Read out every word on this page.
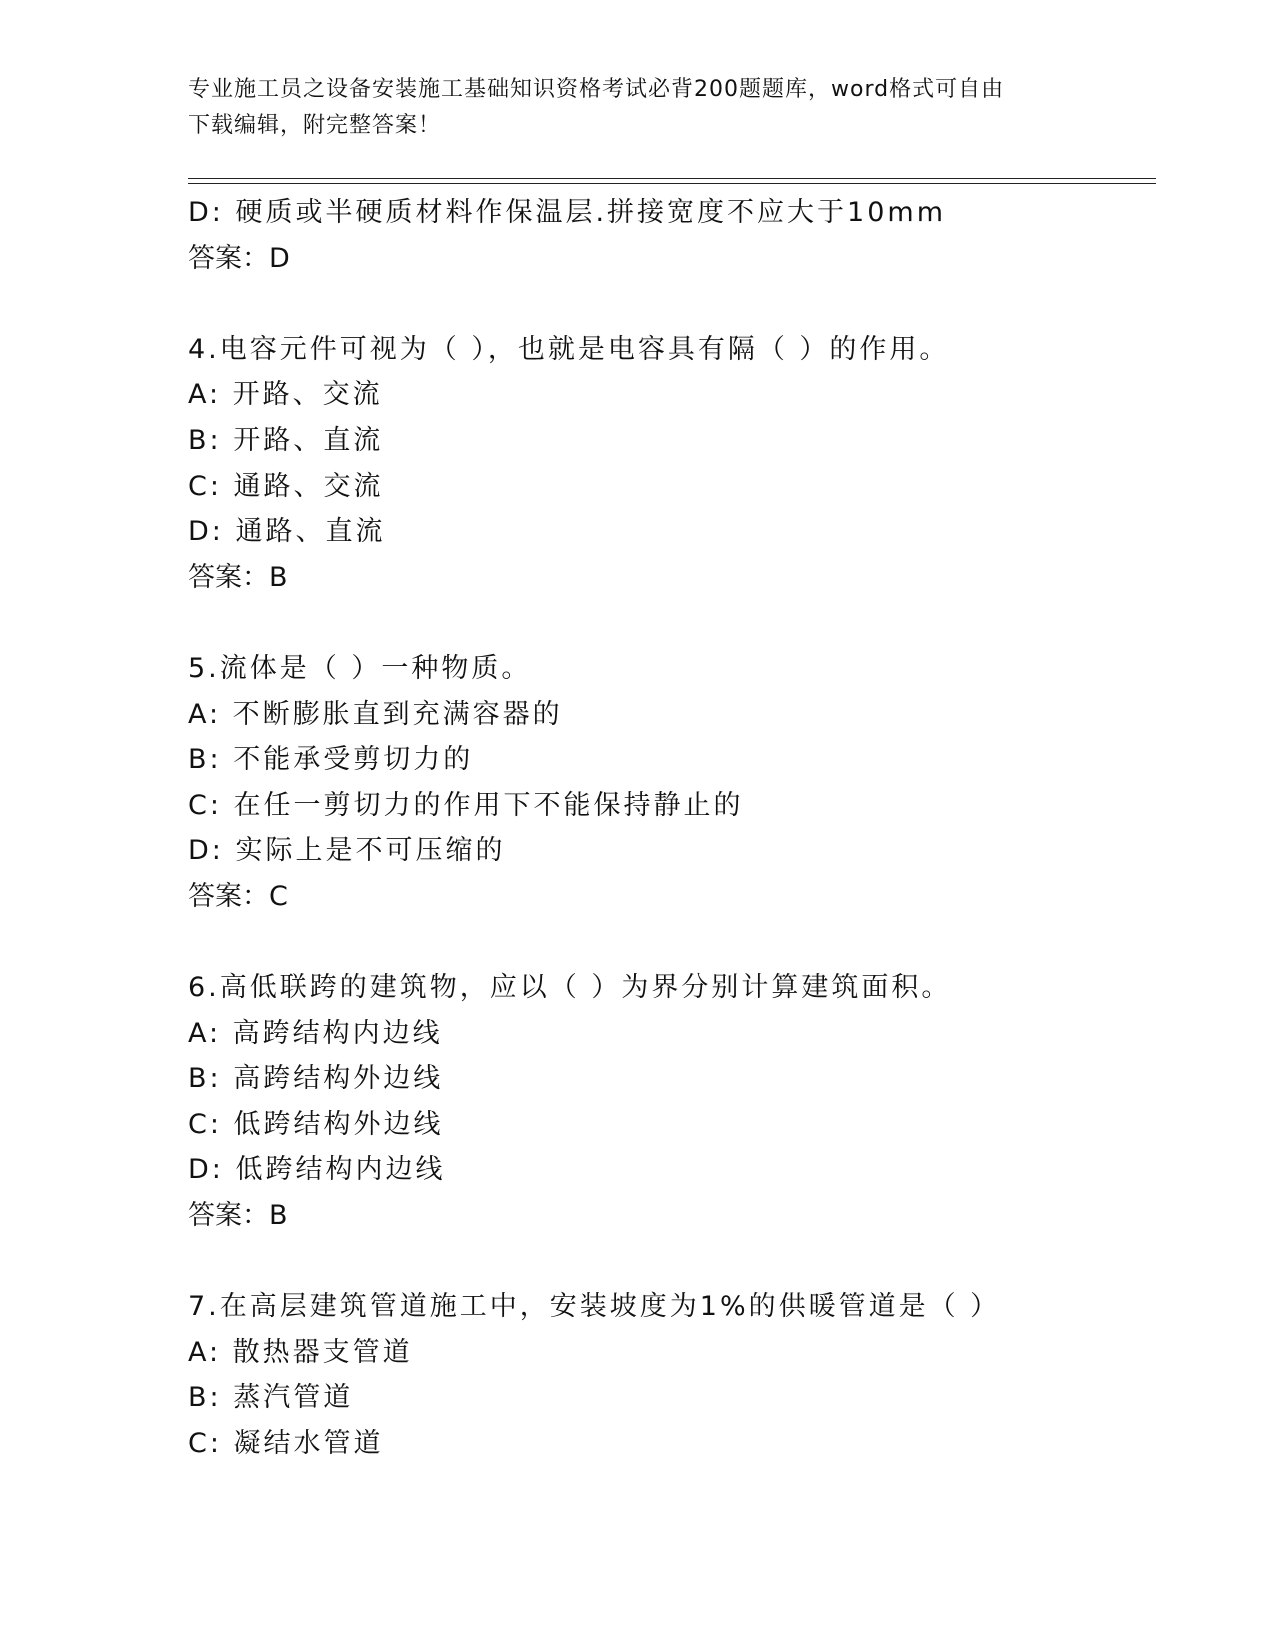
专业施工员之设备安装施工基础知识资格考试必背200题题库，word格式可自由
下载编辑，附完整答案！
D: 硬质或半硬质材料作保温层.拼接宽度不应大于10mm
答案：D
4.电容元件可视为（ ），也就是电容具有隔（ ）的作用。
A: 开路、交流
B: 开路、直流
C: 通路、交流
D: 通路、直流
答案：B
5.流体是（ ）一种物质。
A: 不断膨胀直到充满容器的
B: 不能承受剪切力的
C: 在任一剪切力的作用下不能保持静止的
D: 实际上是不可压缩的
答案：C
6.高低联跨的建筑物，应以（ ）为界分别计算建筑面积。
A: 高跨结构内边线
B: 高跨结构外边线
C: 低跨结构外边线
D: 低跨结构内边线
答案：B
7.在高层建筑管道施工中，安装坡度为1%的供暖管道是（ ）
A: 散热器支管道
B: 蒸汽管道
C: 凝结水管道
